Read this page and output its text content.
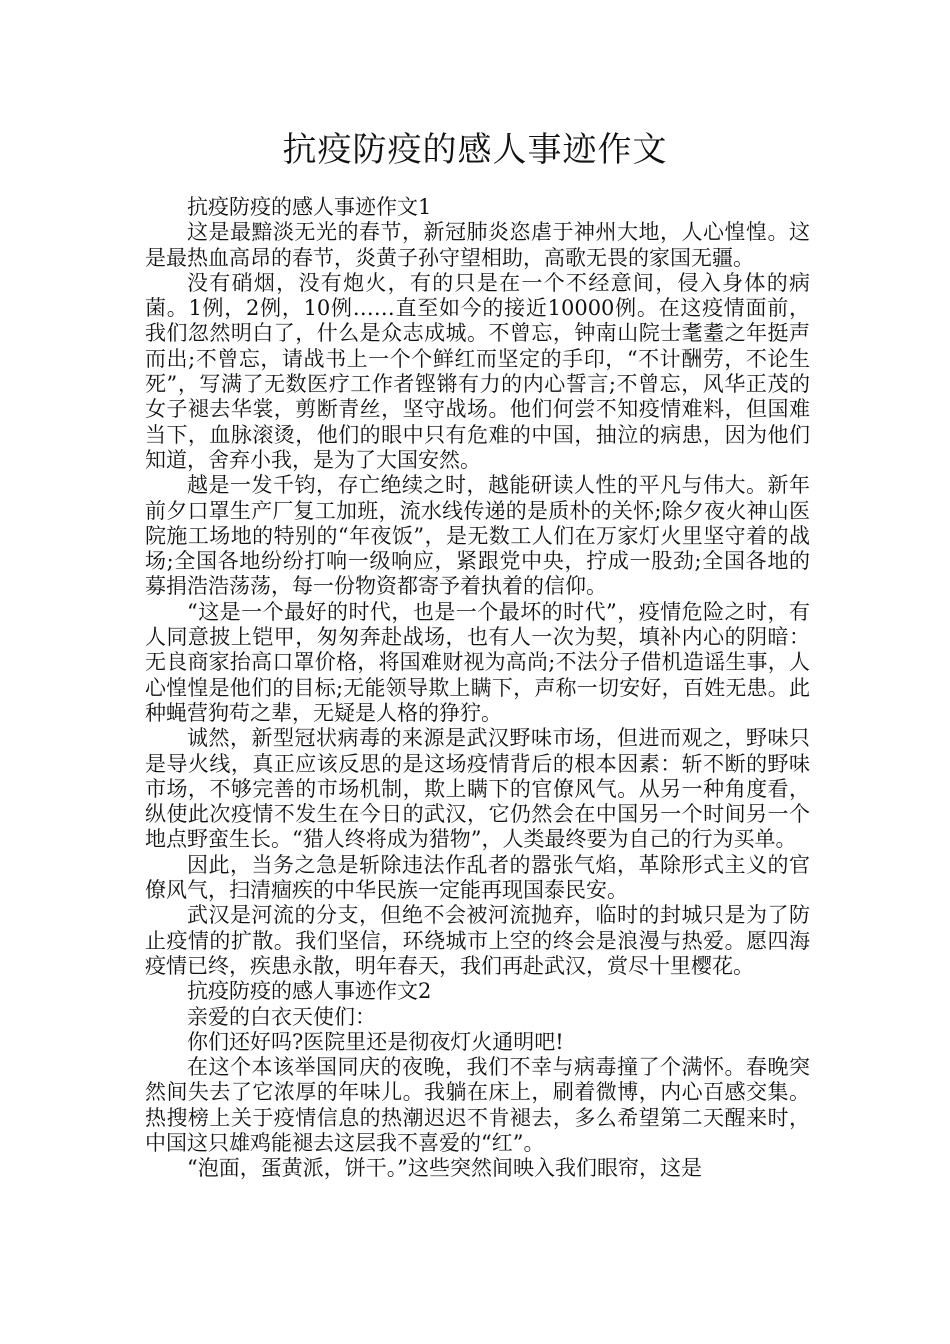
抗疫防疫的感人事迹作文

抗疫防疫的感人事迹作文1

这是最黯淡无光的春节，新冠肺炎恣虐于神州大地，人心惶惶。这是最热血高昂的春节，炎黄子孙守望相助，高歌无畏的家国无疆。

没有硝烟，没有炮火，有的只是在一个不经意间，侵入身体的病菌。1例，2例，10例……直至如今的接近10000例。在这疫情面前，我们忽然明白了，什么是众志成城。不曾忘，钟南山院士耄耋之年挺声而出;不曾忘，请战书上一个个鲜红而坚定的手印，“不计酬劳，不论生死”，写满了无数医疗工作者铿锵有力的内心誓言;不曾忘，风华正茂的女子褪去华裳，剪断青丝，坚守战场。他们何尝不知疫情难料，但国难当下，血脉滚烫，他们的眼中只有危难的中国，抽泣的病患，因为他们知道，舍弃小我，是为了大国安然。

越是一发千钧，存亡绝续之时，越能研读人性的平凡与伟大。新年前夕口罩生产厂复工加班，流水线传递的是质朴的关怀;除夕夜火神山医院施工场地的特别的“年夜饭”，是无数工人们在万家灯火里坚守着的战场;全国各地纷纷打响一级响应，紧跟党中央，拧成一股劲;全国各地的募捐浩浩荡荡，每一份物资都寄予着执着的信仰。

“这是一个最好的时代，也是一个最坏的时代”，疫情危险之时，有人同意披上铠甲，匆匆奔赴战场，也有人一次为契，填补内心的阴暗：无良商家抬高口罩价格，将国难财视为高尚;不法分子借机造谣生事，人心惶惶是他们的目标;无能领导欺上瞒下，声称一切安好，百姓无患。此种蝇营狗苟之辈，无疑是人格的狰狞。

诚然，新型冠状病毒的来源是武汉野味市场，但进而观之，野味只是导火线，真正应该反思的是这场疫情背后的根本因素：斩不断的野味市场，不够完善的市场机制，欺上瞒下的官僚风气。从另一种角度看，纵使此次疫情不发生在今日的武汉，它仍然会在中国另一个时间另一个地点野蛮生长。“猎人终将成为猎物”，人类最终要为自己的行为买单。

因此，当务之急是斩除违法作乱者的嚣张气焰，革除形式主义的官僚风气，扫清痼疾的中华民族一定能再现国泰民安。

武汉是河流的分支，但绝不会被河流抛弃，临时的封城只是为了防止疫情的扩散。我们坚信，环绕城市上空的终会是浪漫与热爱。愿四海疫情已终，疾患永散，明年春天，我们再赴武汉，赏尽十里樱花。

抗疫防疫的感人事迹作文2

亲爱的白衣天使们：

你们还好吗?医院里还是彻夜灯火通明吧!

在这个本该举国同庆的夜晚，我们不幸与病毒撞了个满怀。春晚突然间失去了它浓厚的年味儿。我躺在床上，刷着微博，内心百感交集。热搜榜上关于疫情信息的热潮迟迟不肯褪去，多么希望第二天醒来时，中国这只雄鸡能褪去这层我不喜爱的“红”。

“泡面，蛋黄派，饼干。”这些突然间映入我们眼帘，这是
